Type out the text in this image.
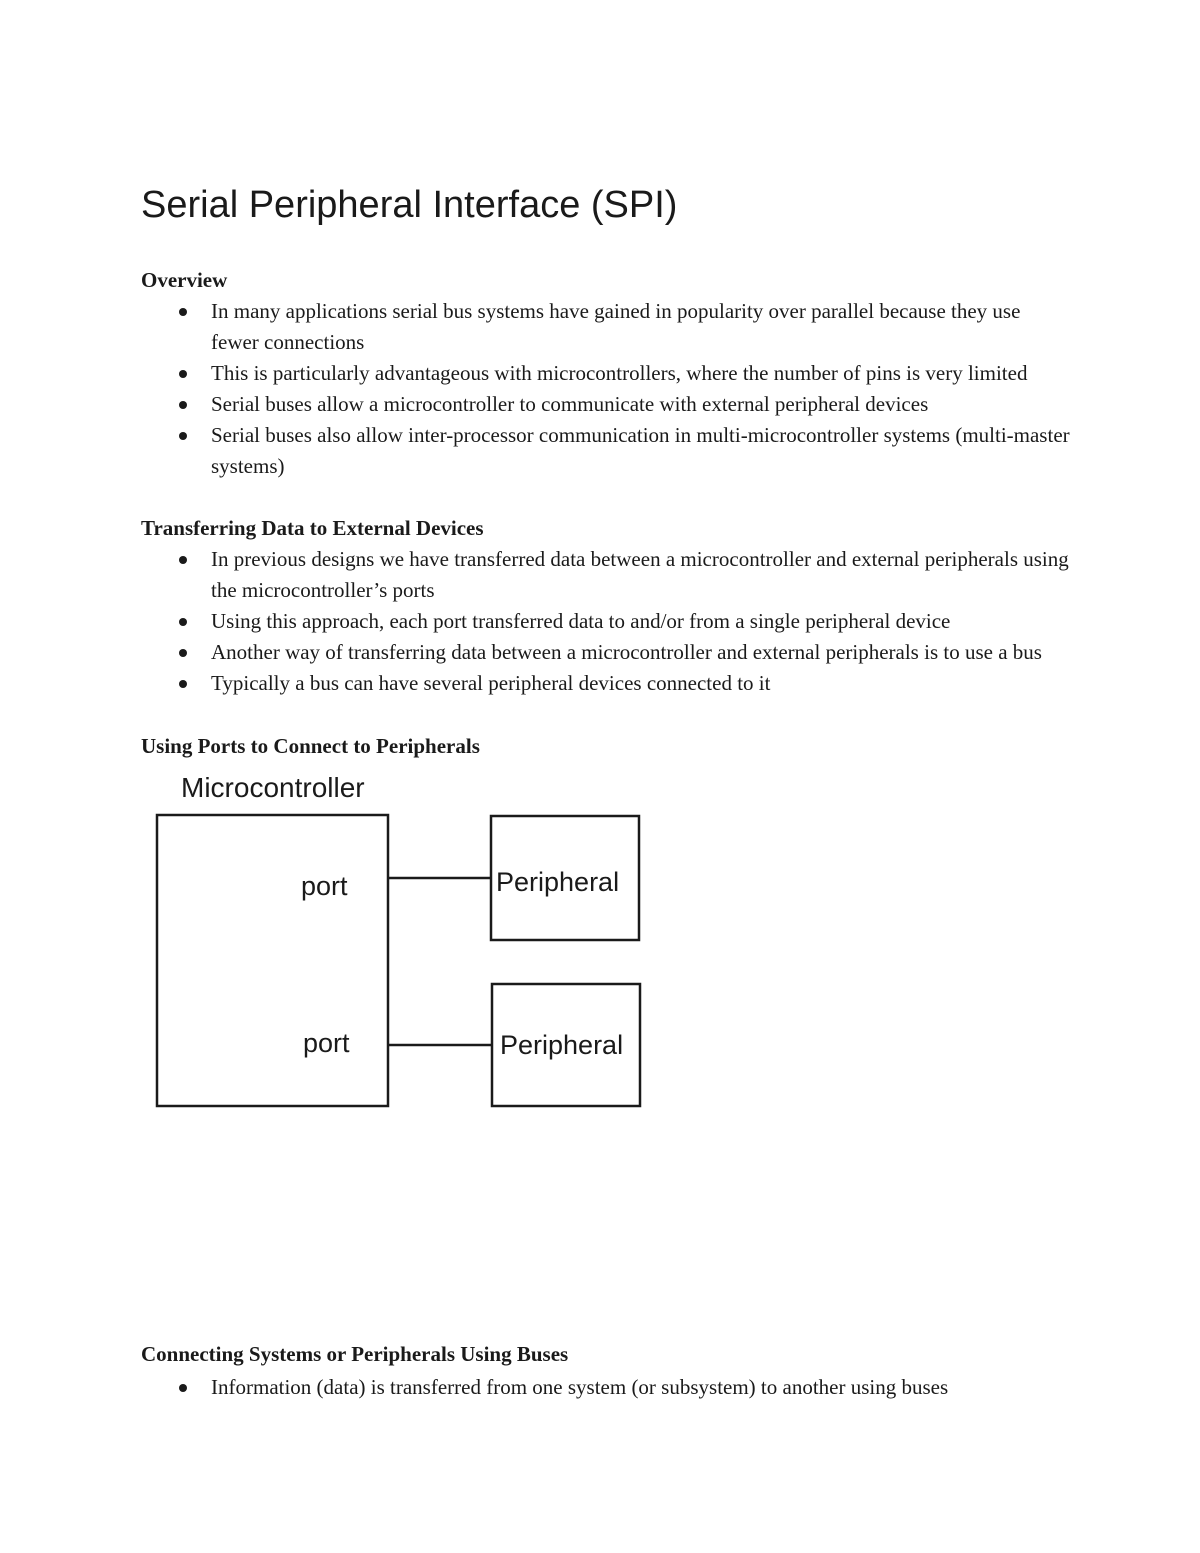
Serial Peripheral Interface (SPI)
Overview
In many applications serial bus systems have gained in popularity over parallel because they use fewer connections
This is particularly advantageous with microcontrollers, where the number of pins is very limited
Serial buses allow a microcontroller to communicate with external peripheral devices
Serial buses also allow inter-processor communication in multi-microcontroller systems (multi-master systems)
Transferring Data to External Devices
In previous designs we have transferred data between a microcontroller and external peripherals using the microcontroller’s ports
Using this approach, each port transferred data to and/or from a single peripheral device
Another way of transferring data between a microcontroller and external peripherals is to use a bus
Typically a bus can have several peripheral devices connected to it
Using Ports to Connect to Peripherals
Microcontroller
port
port
Peripheral
Peripheral
Connecting Systems or Peripherals Using Buses
Information (data) is transferred from one system (or subsystem) to another using buses
